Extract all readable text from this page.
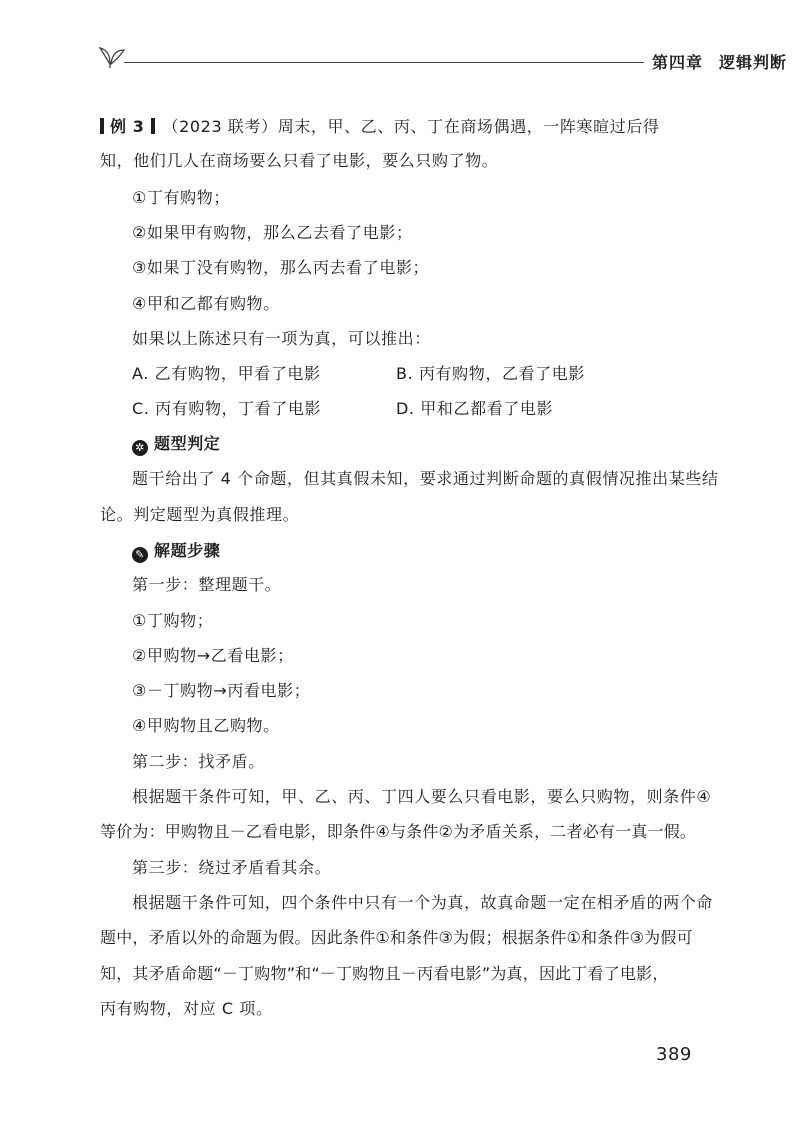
第四章 逻辑判断
例 3 （2023 联考）周末，甲、乙、丙、丁在商场偶遇，一阵寒暄过后得
知，他们几人在商场要么只看了电影，要么只购了物。
①丁有购物；
②如果甲有购物，那么乙去看了电影；
③如果丁没有购物，那么丙去看了电影；
④甲和乙都有购物。
如果以上陈述只有一项为真，可以推出：
A. 乙有购物，甲看了电影	B. 丙有购物，乙看了电影
C. 丙有购物，丁看了电影	D. 甲和乙都看了电影
✲ 题型判定
题干给出了 4 个命题，但其真假未知，要求通过判断命题的真假情况推出某些结
论。判定题型为真假推理。
✎ 解题步骤
第一步：整理题干。
①丁购物；
②甲购物→乙看电影；
③－丁购物→丙看电影；
④甲购物且乙购物。
第二步：找矛盾。
根据题干条件可知，甲、乙、丙、丁四人要么只看电影，要么只购物，则条件④
等价为：甲购物且－乙看电影，即条件④与条件②为矛盾关系，二者必有一真一假。
第三步：绕过矛盾看其余。
根据题干条件可知，四个条件中只有一个为真，故真命题一定在相矛盾的两个命
题中，矛盾以外的命题为假。因此条件①和条件③为假；根据条件①和条件③为假可
知，其矛盾命题“－丁购物”和“－丁购物且－丙看电影”为真，因此丁看了电影，
丙有购物，对应 C 项。
389
